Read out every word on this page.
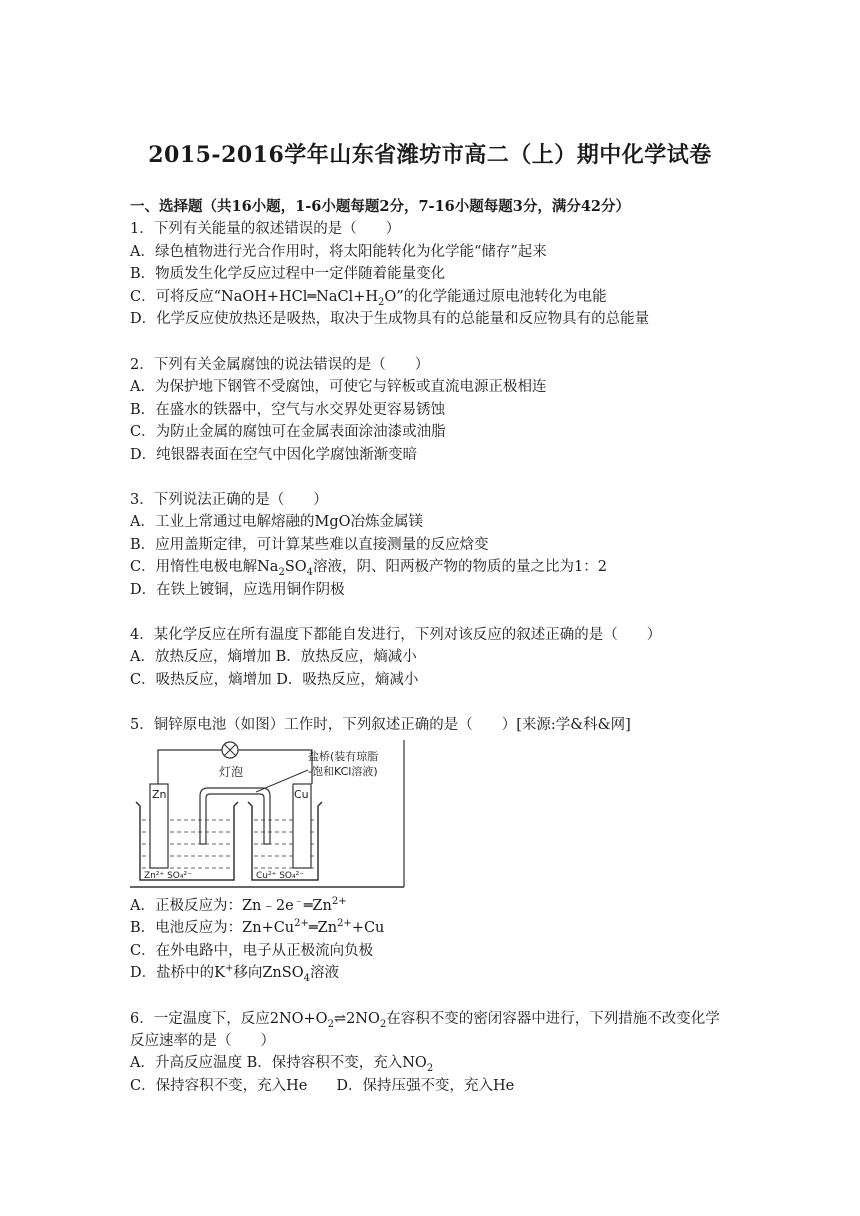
2015-2016学年山东省潍坊市高二（上）期中化学试卷
一、选择题（共16小题，1-6小题每题2分，7-16小题每题3分，满分42分）
1．下列有关能量的叙述错误的是（　　）
A．绿色植物进行光合作用时，将太阳能转化为化学能“储存”起来
B．物质发生化学反应过程中一定伴随着能量变化
C．可将反应“$NaOH+HCl═NaCl+H_2O$”的化学能通过原电池转化为电能
D．化学反应使放热还是吸热，取决于生成物具有的总能量和反应物具有的总能量
2．下列有关金属腐蚀的说法错误的是（　　）
A．为保护地下钢管不受腐蚀，可使它与锌板或直流电源正极相连
B．在盛水的铁器中，空气与水交界处更容易锈蚀
C．为防止金属的腐蚀可在金属表面涂油漆或油脂
D．纯银器表面在空气中因化学腐蚀渐渐变暗
3．下列说法正确的是（　　）
A．工业上常通过电解熔融的MgO冶炼金属镁
B．应用盖斯定律，可计算某些难以直接测量的反应焓变
C．用惰性电极电解$Na_2SO_4$溶液，阴、阳两极产物的物质的量之比为1：2
D．在铁上镀铜，应选用铜作阴极
4．某化学反应在所有温度下都能自发进行，下列对该反应的叙述正确的是（　　）
A．放热反应，熵增加 B．放热反应，熵减小
C．吸热反应，熵增加 D．吸热反应，熵减小
5．铜锌原电池（如图）工作时，下列叙述正确的是（　　）[来源:学&科&网]
灯泡
盐桥(装有琼脂
-饱和KCl溶液)
Zn
Zn²⁺ SO₄²⁻
Cu
Cu²⁺ SO₄²⁻
A．正极反应为：$Zn﹣2e^﹣═Zn^{2+}$
B．电池反应为：$Zn+Cu^{2+}═Zn^{2+}+Cu$
C．在外电路中，电子从正极流向负极
D．盐桥中的K+移向ZnSO$_4$溶液
6．一定温度下，反应$2NO+O_2\rightleftharpoons 2NO_2$在容积不变的密闭容器中进行，下列措施不改变化学
反应速率的是（　　）
A．升高反应温度 B．保持容积不变，充入$NO_2$
C．保持容积不变，充入He　　D．保持压强不变，充入He
